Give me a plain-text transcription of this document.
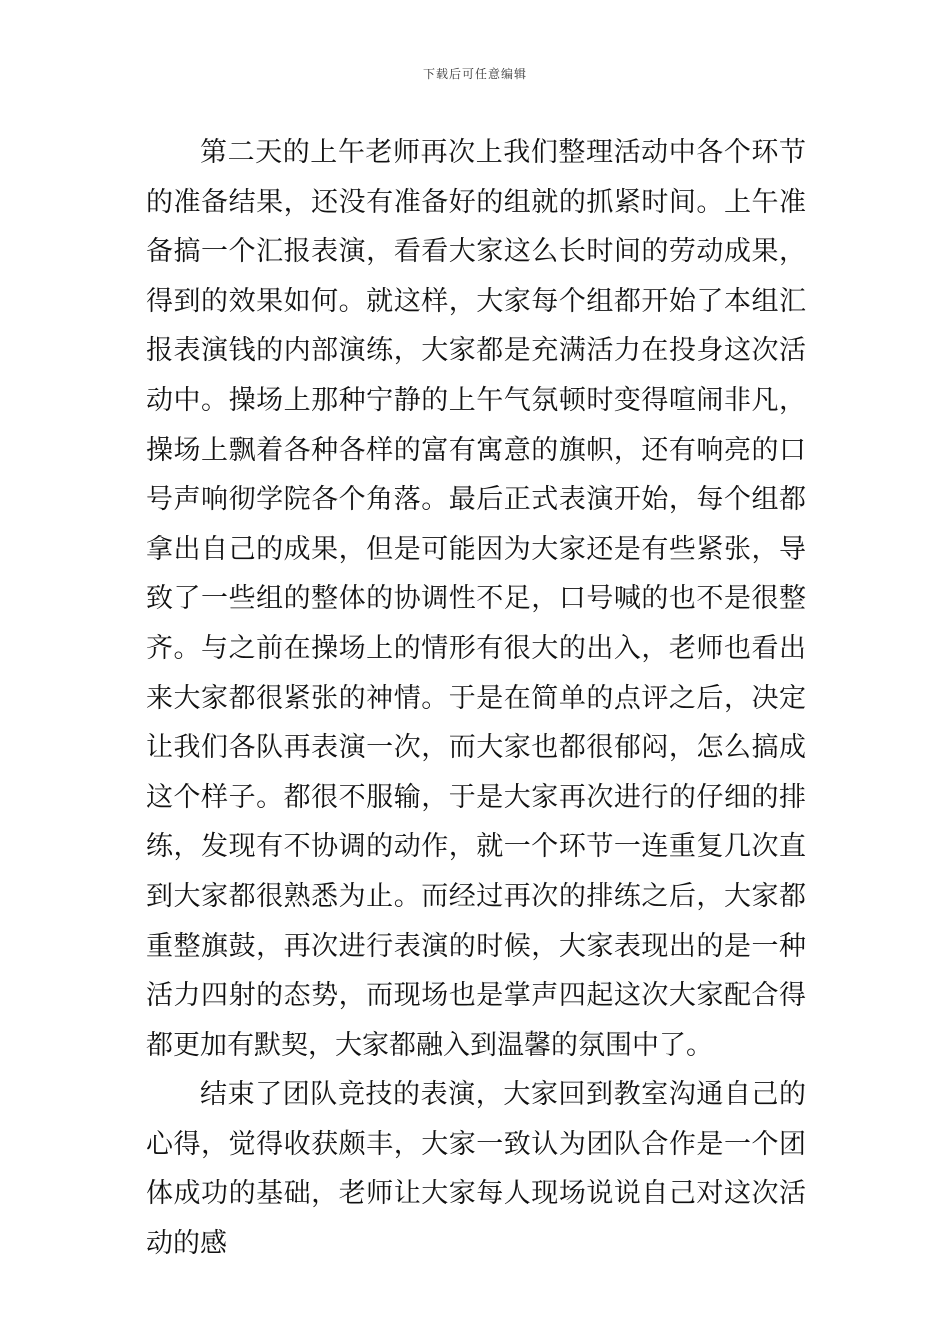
下载后可任意编辑

第二天的上午老师再次上我们整理活动中各个环节的准备结果，还没有准备好的组就的抓紧时间。上午准备搞一个汇报表演，看看大家这么长时间的劳动成果，得到的效果如何。就这样，大家每个组都开始了本组汇报表演钱的内部演练，大家都是充满活力在投身这次活动中。操场上那种宁静的上午气氛顿时变得喧闹非凡，操场上飘着各种各样的富有寓意的旗帜，还有响亮的口号声响彻学院各个角落。最后正式表演开始，每个组都拿出自己的成果，但是可能因为大家还是有些紧张，导致了一些组的整体的协调性不足，口号喊的也不是很整齐。与之前在操场上的情形有很大的出入，老师也看出来大家都很紧张的神情。于是在简单的点评之后，决定让我们各队再表演一次，而大家也都很郁闷，怎么搞成这个样子。都很不服输，于是大家再次进行的仔细的排练，发现有不协调的动作，就一个环节一连重复几次直到大家都很熟悉为止。而经过再次的排练之后，大家都重整旗鼓，再次进行表演的时候，大家表现出的是一种活力四射的态势，而现场也是掌声四起这次大家配合得都更加有默契，大家都融入到温馨的氛围中了。

结束了团队竞技的表演，大家回到教室沟通自己的心得，觉得收获颇丰，大家一致认为团队合作是一个团体成功的基础，老师让大家每人现场说说自己对这次活动的感
